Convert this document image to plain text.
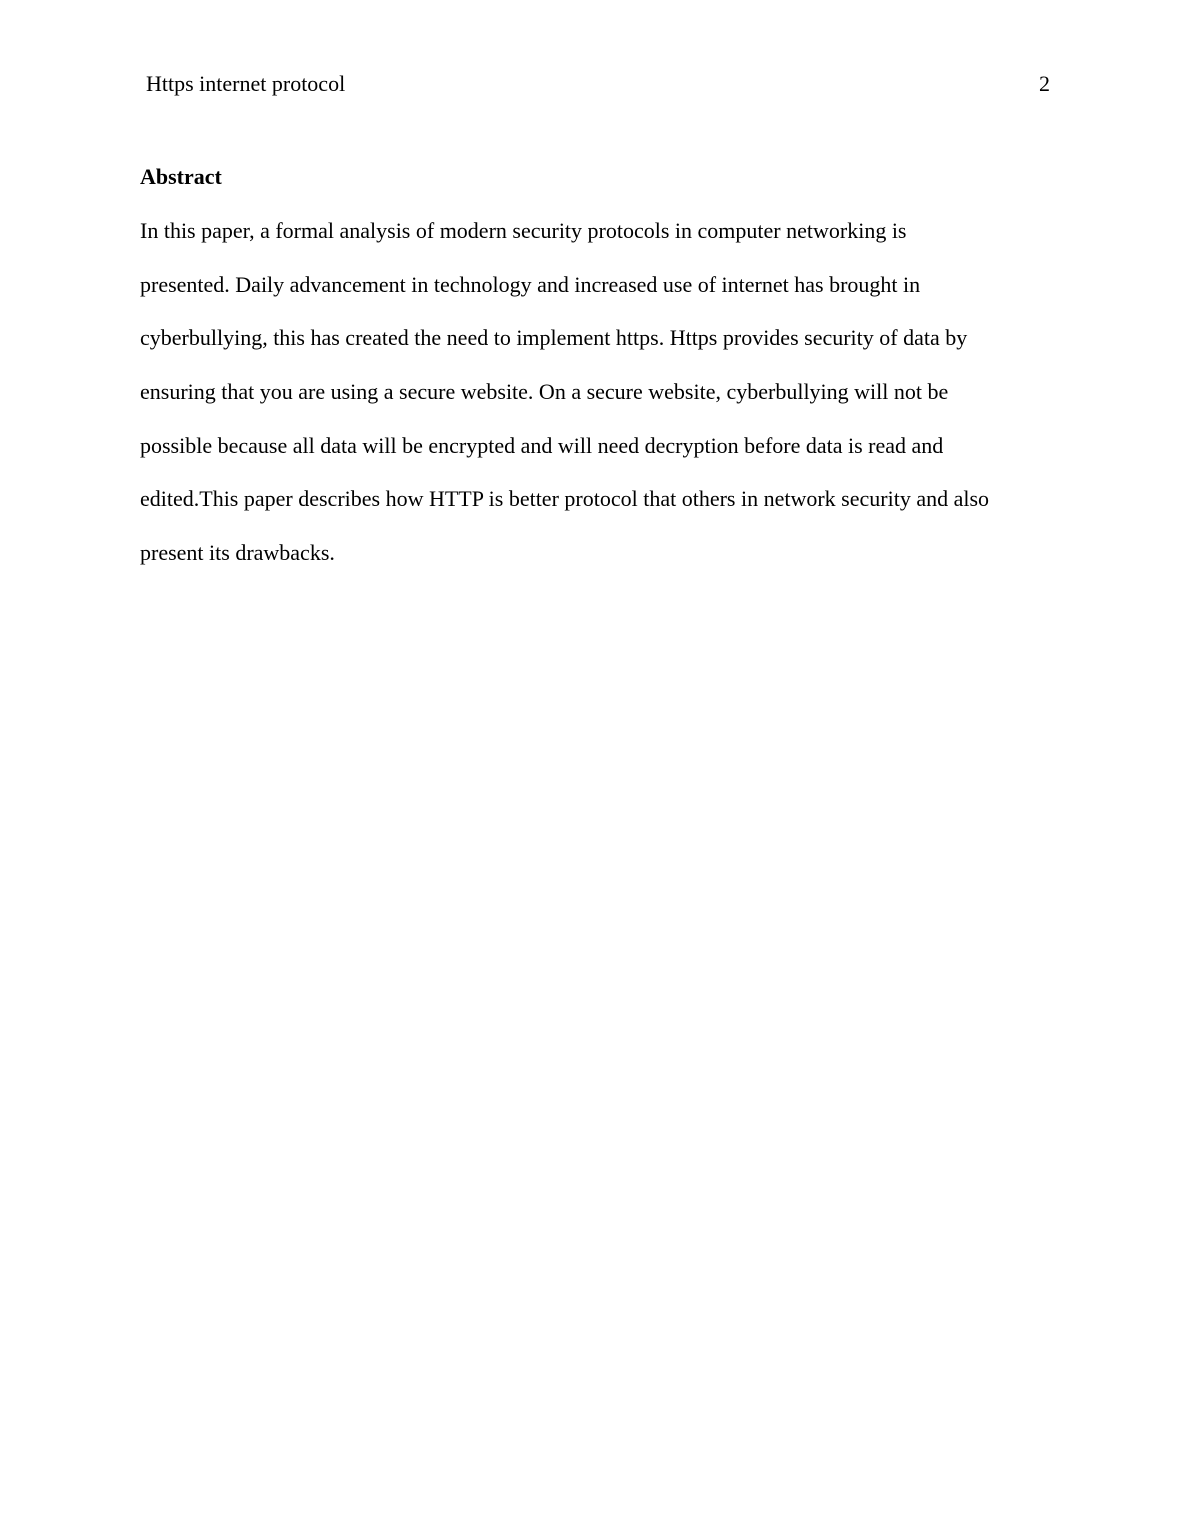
Https internet protocol	2
Abstract
In this paper, a formal analysis of modern security protocols in computer networking is
presented. Daily advancement in technology and increased use of internet has brought in
cyberbullying, this has created the need to implement https. Https provides security of data by
ensuring that you are using a secure website. On a secure website, cyberbullying will not be
possible because all data will be encrypted and will need decryption before data is read and
edited.This paper describes how HTTP is better protocol that others in network security and also
present its drawbacks.
